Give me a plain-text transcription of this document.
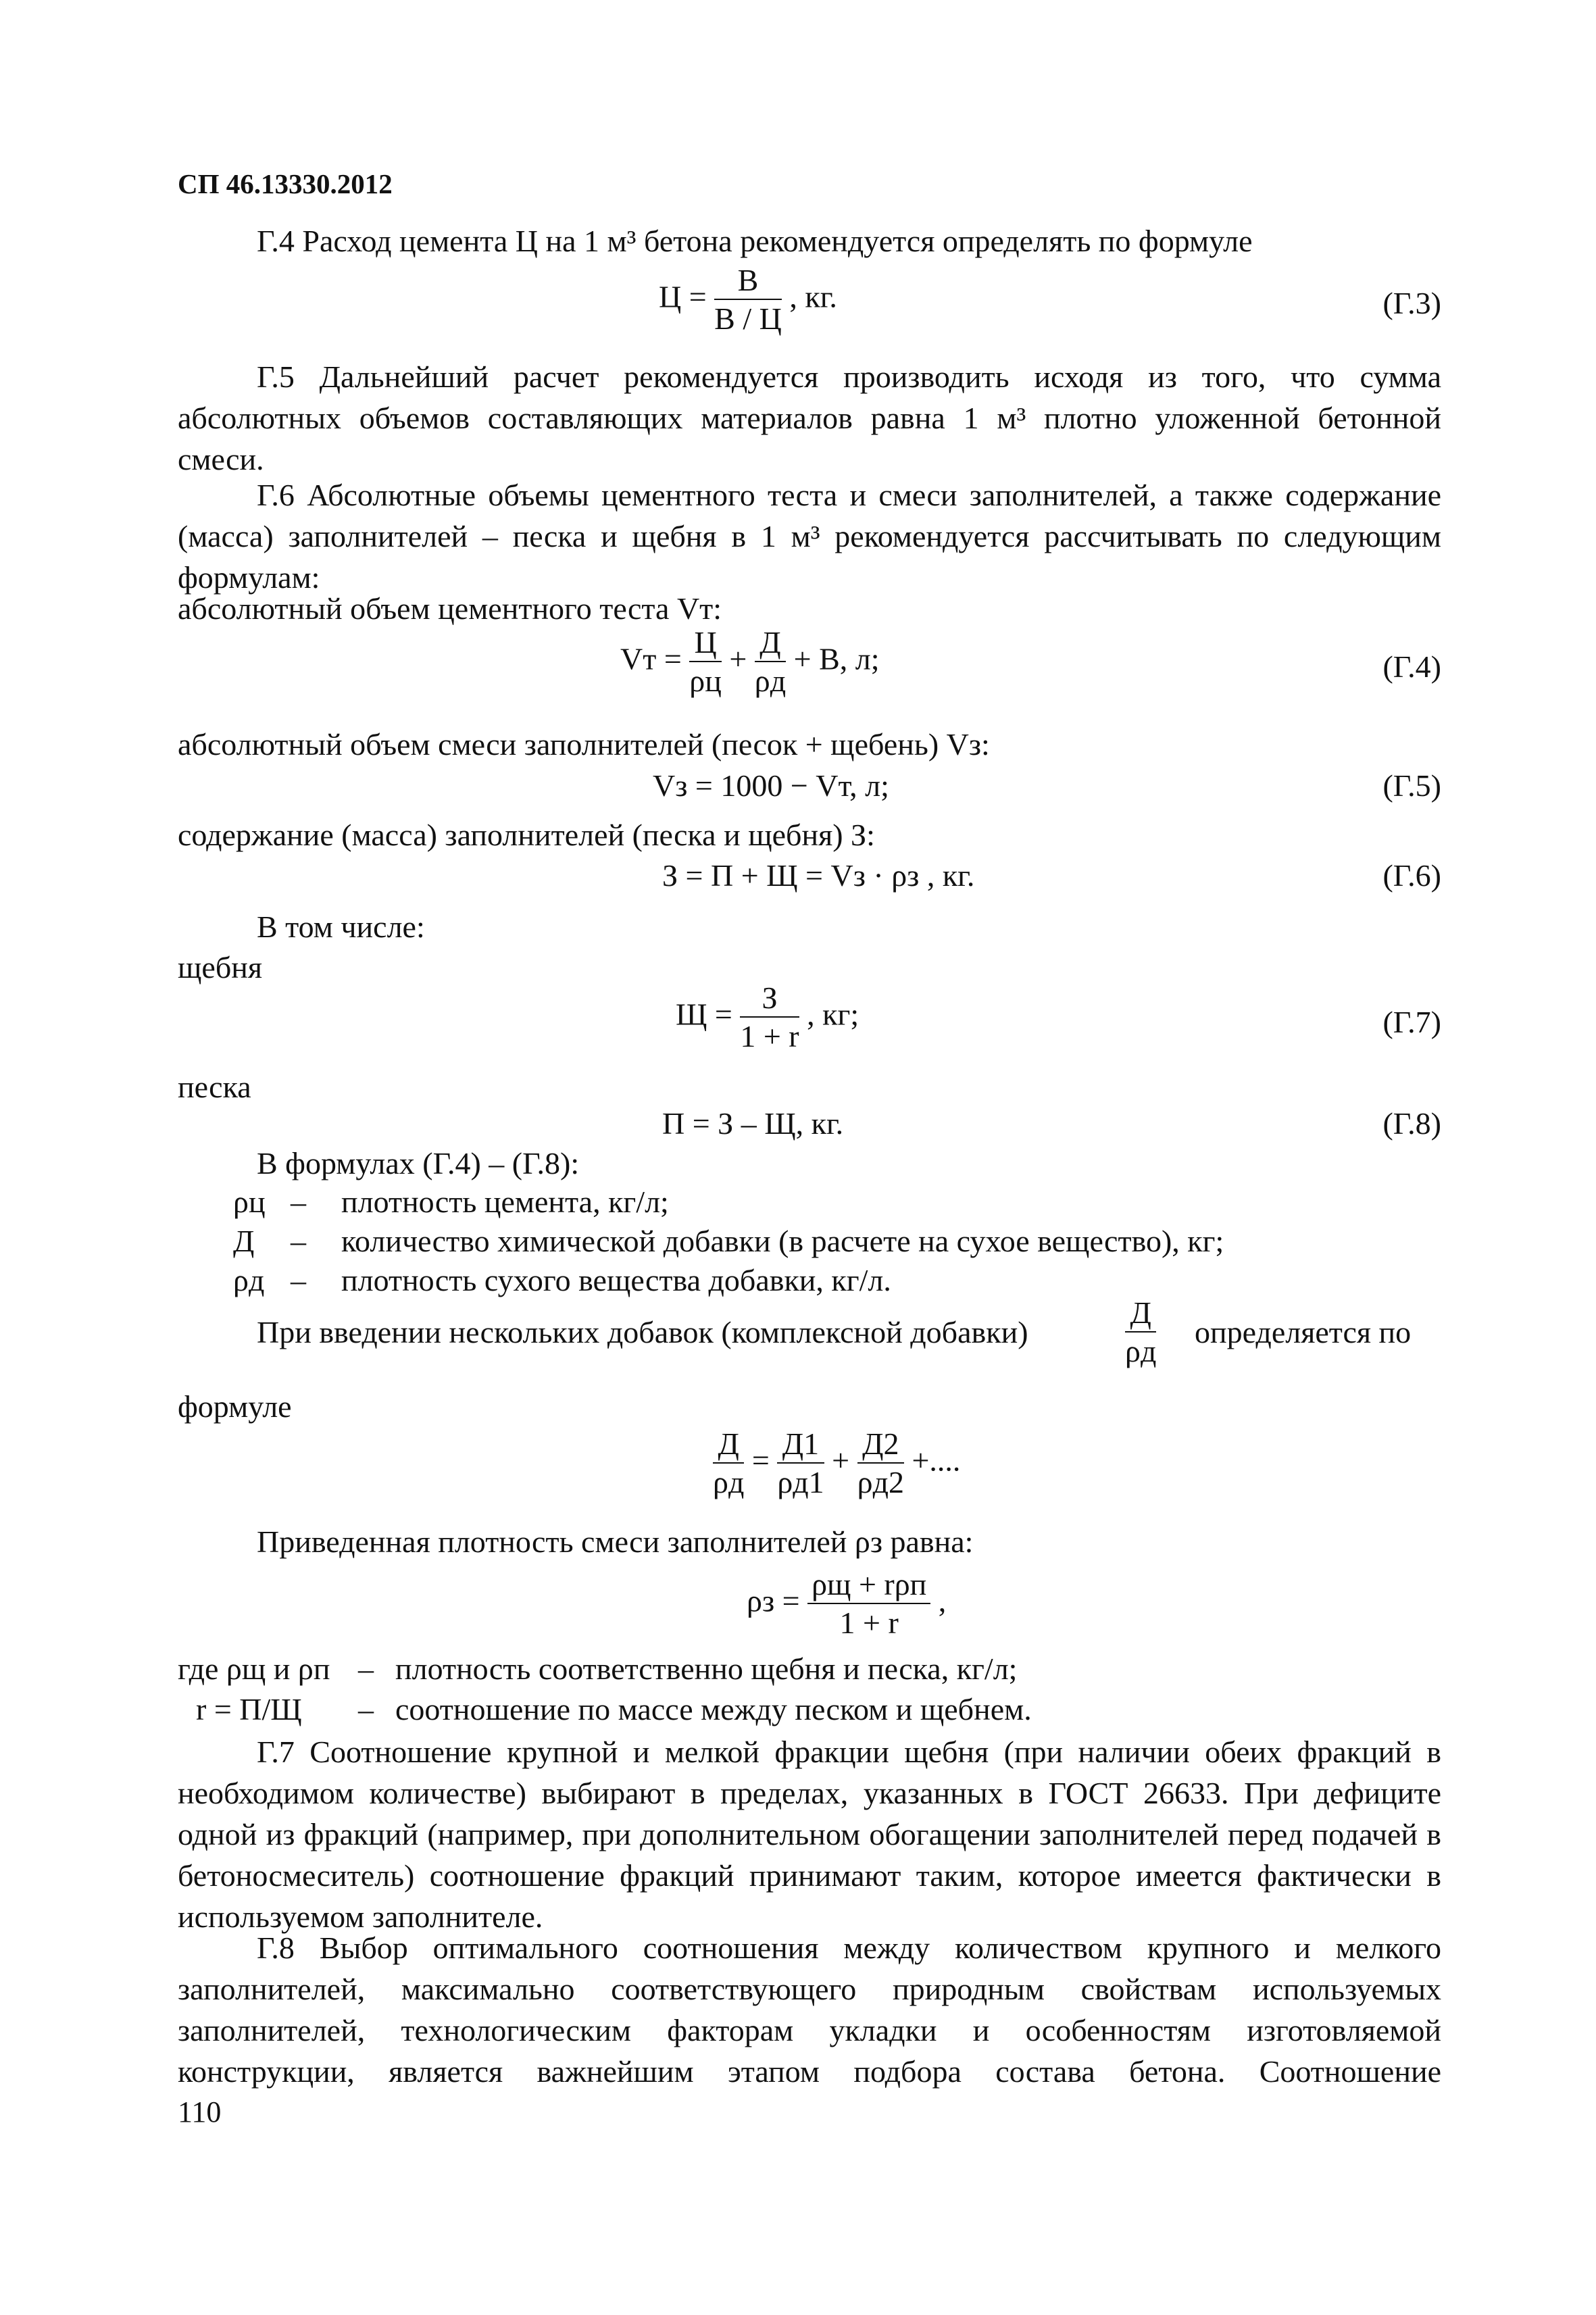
СП 46.13330.2012

Г.4 Расход цемента Ц на 1 м³ бетона рекомендуется определять по формуле

$Ц = \frac{В}{В / Ц}$ , кг.	(Г.3)

Г.5 Дальнейший расчет рекомендуется производить исходя из того, что сумма абсолютных объемов составляющих материалов равна 1 м³ плотно уложенной бетонной смеси.

Г.6 Абсолютные объемы цементного теста и смеси заполнителей, а также содержание (масса) заполнителей – песка и щебня в 1 м³ рекомендуется рассчитывать по следующим формулам:

абсолютный объем цементного теста Vт:
Vт = $\frac{Ц}{\rho ц} + \frac{Д}{\rho д} + В$, л;	(Г.4)
абсолютный объем смеси заполнителей (песок + щебень) Vз:
Vз = 1000 − Vт, л;	(Г.5)
содержание (масса) заполнителей (песка и щебня) З:
З = П + Щ = Vз · ρз , кг.	(Г.6)
В том числе:
щебня
$Щ = \frac{З}{1 + r}$ , кг;	(Г.7)
песка
П = З – Щ, кг.	(Г.8)
В формулах (Г.4) – (Г.8):
ρц – плотность цемента, кг/л;
Д – количество химической добавки (в расчете на сухое вещество), кг;
ρд – плотность сухого вещества добавки, кг/л.
При введении нескольких добавок (комплексной добавки)	$\frac{Д}{\rho д}$ определяется по
формуле
$\frac{Д}{\rho д} = \frac{Д1}{\rho д1} + \frac{Д2}{\rho д2}$ +....
Приведенная плотность смеси заполнителей ρз равна:
$\rho з = \frac{\text{ρщ + rρп}}{1 + r}$ ,
где ρщ и ρп – плотность соответственно щебня и песка, кг/л;
r = П/Щ – соотношение по массе между песком и щебнем.

Г.7 Соотношение крупной и мелкой фракции щебня (при наличии обеих фракций в необходимом количестве) выбирают в пределах, указанных в ГОСТ 26633. При дефиците одной из фракций (например, при дополнительном обогащении заполнителей перед подачей в бетоносмеситель) соотношение фракций принимают таким, которое имеется фактически в используемом заполнителе.

Г.8 Выбор оптимального соотношения между количеством крупного и мелкого заполнителей, максимально соответствующего природным свойствам используемых заполнителей, технологическим факторам укладки и особенностям изготовляемой конструкции, является важнейшим этапом подбора состава бетона. Соотношение

110
